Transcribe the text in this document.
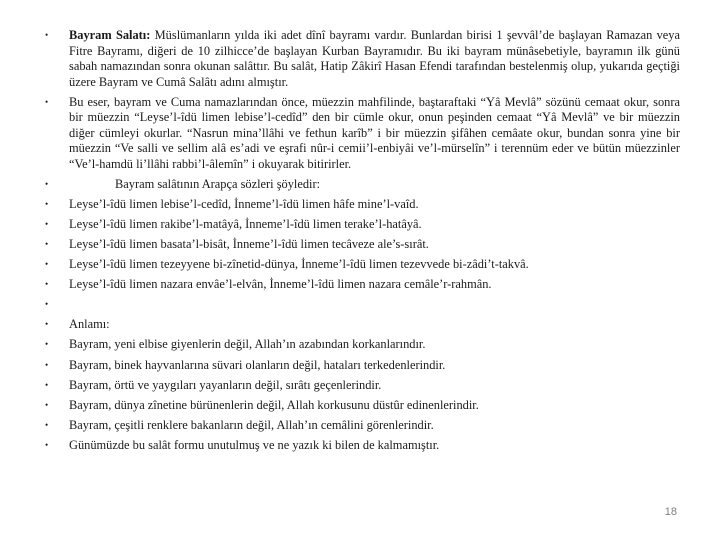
• Bayram Salatı: Müslümanların yılda iki adet dînî bayramı vardır. Bunlardan birisi 1 şevvâl’de başlayan Ramazan veya Fitre Bayramı, diğeri de 10 zilhicce’de başlayan Kurban Bayramıdır. Bu iki bayram münâsebetiyle, bayramın ilk günü sabah namazından sonra okunan salâttır. Bu salât, Hatip Zâkirî Hasan Efendi tarafından bestelenmiş olup, yukarıda geçtiği üzere Bayram ve Cumâ Salâtı adını almıştır.
• Bu eser, bayram ve Cuma namazlarından önce, müezzin mahfilinde, baştaraftaki “Yâ Mevlâ” sözünü cemaat okur, sonra bir müezzin “Leyse’l-îdü limen lebise’l-cedîd” den bir cümle okur, onun peşinden cemaat “Yâ Mevlâ” ve bir müezzin diğer cümleyi okurlar. “Nasrun mina’llâhi ve fethun karîb” i bir müezzin şifâhen cemâate okur, bundan sonra yine bir müezzin “Ve salli ve sellim alâ es’adi ve eşrafi nûr-i cemii’l-enbiyâi ve’l-mürselîn” i terennüm eder ve bütün müezzinler “Ve’l-hamdü li’llâhi rabbi’l-âlemîn” i okuyarak bitirirler.
•	Bayram salâtının Arapça sözleri şöyledir:
• Leyse’l-îdü limen lebise’l-cedîd, İnneme’l-îdü limen hâfe mine’l-vaîd.
• Leyse’l-îdü limen rakibe’l-matâyâ, İnneme’l-îdü limen terake’l-hatâyâ.
• Leyse’l-îdü limen basata’l-bisât, İnneme’l-îdü limen tecâveze ale’s-sırât.
• Leyse’l-îdü limen tezeyyene bi-zînetid-dünya, İnneme’l-îdü limen tezevvede bi-zâdi’t-takvâ.
• Leyse’l-îdü limen nazara envâe’l-elvân, İnneme’l-îdü limen nazara cemâle’r-rahmân.
•
• Anlamı:
• Bayram, yeni elbise giyenlerin değil, Allah’ın azabından korkanlarındır.
• Bayram, binek hayvanlarına süvari olanların değil, hataları terkedenlerindir.
• Bayram, örtü ve yaygıları yayanların değil, sırâtı geçenlerindir.
• Bayram, dünya zînetine bürünenlerin değil, Allah korkusunu düstûr edinenlerindir.
• Bayram, çeşitli renklere bakanların değil, Allah’ın cemâlini görenlerindir.
• Günümüzde bu salât formu unutulmuş ve ne yazık ki bilen de kalmamıştır.
18
